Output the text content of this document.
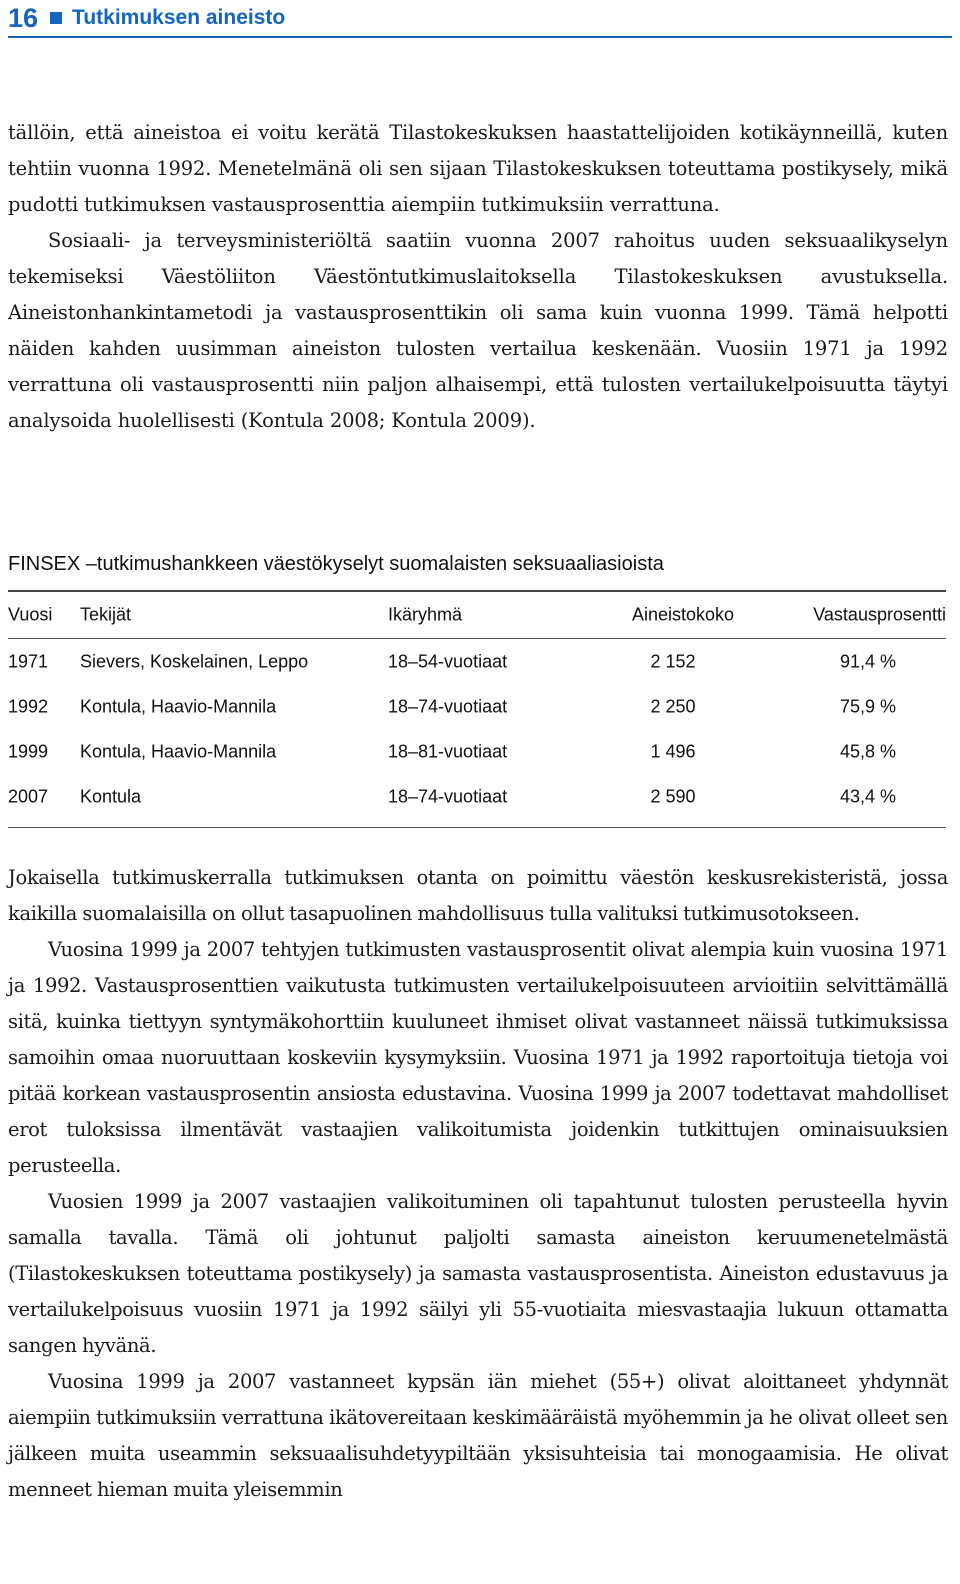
16 Tutkimuksen aineisto

tällöin, että aineistoa ei voitu kerätä Tilastokeskuksen haastattelijoiden kotikäynneillä, kuten tehtiin vuonna 1992. Menetelmänä oli sen sijaan Tilastokeskuksen toteuttama postikysely, mikä pudotti tutkimuksen vastausprosenttia aiempiin tutkimuksiin verrattuna.

Sosiaali- ja terveysministeriöltä saatiin vuonna 2007 rahoitus uuden seksuaalikyselyn tekemiseksi Väestöliiton Väestöntutkimuslaitoksella Tilastokeskuksen avustuksella. Aineistonhankintametodi ja vastausprosenttikin oli sama kuin vuonna 1999. Tämä helpotti näiden kahden uusimman aineiston tulosten vertailua keskenään. Vuosiin 1971 ja 1992 verrattuna oli vastausprosentti niin paljon alhaisempi, että tulosten vertailukelpoisuutta täytyi analysoida huolellisesti (Kontula 2008; Kontula 2009).

FINSEX –tutkimushankkeen väestökyselyt suomalaisten seksuaaliasioista
Vuosi Tekijät	Ikäryhmä	Aineistokoko	Vastausprosentti
1971 Sievers, Koskelainen, Leppo	18–54-vuotiaat	2 152	91,4 %
1992 Kontula, Haavio-Mannila	18–74-vuotiaat	2 250	75,9 %
1999 Kontula, Haavio-Mannila	18–81-vuotiaat	1 496	45,8 %
2007 Kontula	18–74-vuotiaat	2 590	43,4 %

Jokaisella tutkimuskerralla tutkimuksen otanta on poimittu väestön keskusrekisteristä, jossa kaikilla suomalaisilla on ollut tasapuolinen mahdollisuus tulla valituksi tutkimusotokseen.

Vuosina 1999 ja 2007 tehtyjen tutkimusten vastausprosentit olivat alempia kuin vuosina 1971 ja 1992. Vastausprosenttien vaikutusta tutkimusten vertailukelpoisuuteen arvioitiin selvittämällä sitä, kuinka tiettyyn syntymäkohorttiin kuuluneet ihmiset olivat vastanneet näissä tutkimuksissa samoihin omaa nuoruuttaan koskeviin kysymyksiin. Vuosina 1971 ja 1992 raportoituja tietoja voi pitää korkean vastausprosentin ansiosta edustavina. Vuosina 1999 ja 2007 todettavat mahdolliset erot tuloksissa ilmentävät vastaajien valikoitumista joidenkin tutkittujen ominaisuuksien perusteella.

Vuosien 1999 ja 2007 vastaajien valikoituminen oli tapahtunut tulosten perusteella hyvin samalla tavalla. Tämä oli johtunut paljolti samasta aineiston keruumenetelmästä (Tilastokeskuksen toteuttama postikysely) ja samasta vastausprosentista. Aineiston edustavuus ja vertailukelpoisuus vuosiin 1971 ja 1992 säilyi yli 55-vuotiaita miesvastaajia lukuun ottamatta sangen hyvänä.

Vuosina 1999 ja 2007 vastanneet kypsän iän miehet (55+) olivat aloittaneet yhdynnät aiempiin tutkimuksiin verrattuna ikätovereitaan keskimääräistä myöhemmin ja he olivat olleet sen jälkeen muita useammin seksuaalisuhdetyypiltään yksisuhteisia tai monogaamisia. He olivat menneet hieman muita yleisemmin
